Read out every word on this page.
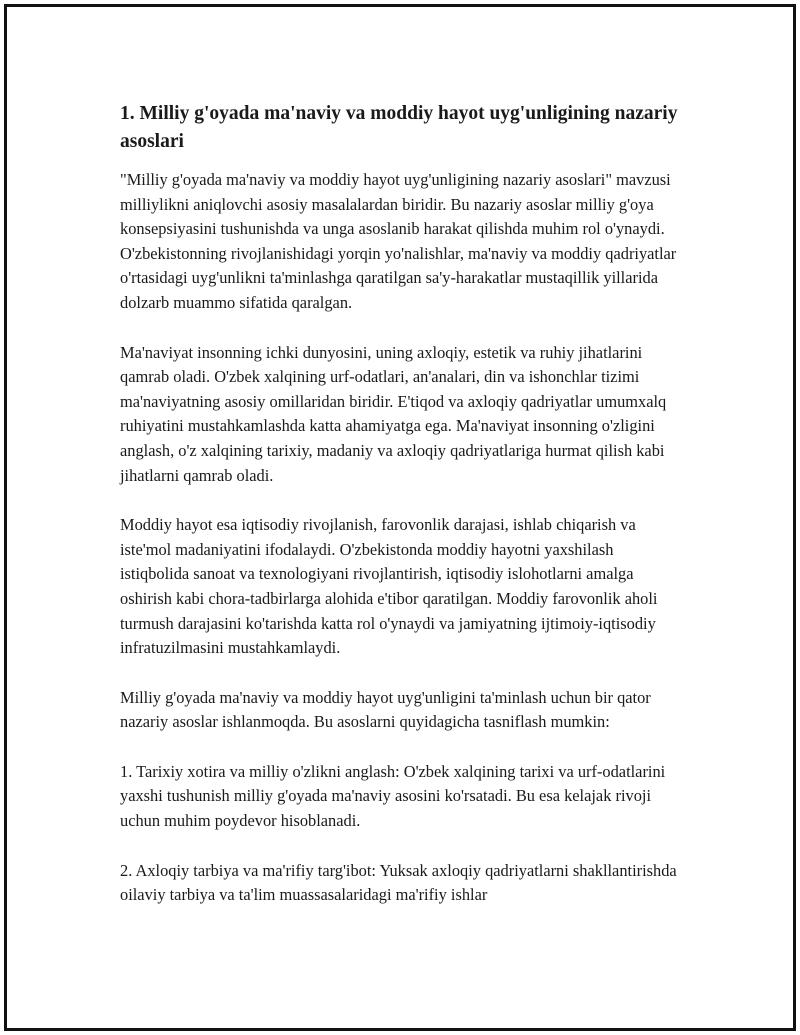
1. Milliy g'oyada ma'naviy va moddiy hayot uyg'unligining nazariy asoslari

"Milliy g'oyada ma'naviy va moddiy hayot uyg'unligining nazariy asoslari" mavzusi milliylikni aniqlovchi asosiy masalalardan biridir. Bu nazariy asoslar milliy g'oya konsepsiyasini tushunishda va unga asoslanib harakat qilishda muhim rol o'ynaydi. O'zbekistonning rivojlanishidagi yorqin yo'nalishlar, ma'naviy va moddiy qadriyatlar o'rtasidagi uyg'unlikni ta'minlashga qaratilgan sa'y-harakatlar mustaqillik yillarida dolzarb muammo sifatida qaralgan.

Ma'naviyat insonning ichki dunyosini, uning axloqiy, estetik va ruhiy jihatlarini qamrab oladi. O'zbek xalqining urf-odatlari, an'analari, din va ishonchlar tizimi ma'naviyatning asosiy omillaridan biridir. E'tiqod va axloqiy qadriyatlar umumxalq ruhiyatini mustahkamlashda katta ahamiyatga ega. Ma'naviyat insonning o'zligini anglash, o'z xalqining tarixiy, madaniy va axloqiy qadriyatlariga hurmat qilish kabi jihatlarni qamrab oladi.

Moddiy hayot esa iqtisodiy rivojlanish, farovonlik darajasi, ishlab chiqarish va iste'mol madaniyatini ifodalaydi. O'zbekistonda moddiy hayotni yaxshilash istiqbolida sanoat va texnologiyani rivojlantirish, iqtisodiy islohotlarni amalga oshirish kabi chora-tadbirlarga alohida e'tibor qaratilgan. Moddiy farovonlik aholi turmush darajasini ko'tarishda katta rol o'ynaydi va jamiyatning ijtimoiy-iqtisodiy infratuzilmasini mustahkamlaydi.

Milliy g'oyada ma'naviy va moddiy hayot uyg'unligini ta'minlash uchun bir qator nazariy asoslar ishlanmoqda. Bu asoslarni quyidagicha tasniflash mumkin:

1. Tarixiy xotira va milliy o'zlikni anglash: O'zbek xalqining tarixi va urf-odatlarini yaxshi tushunish milliy g'oyada ma'naviy asosini ko'rsatadi. Bu esa kelajak rivoji uchun muhim poydevor hisoblanadi.

2. Axloqiy tarbiya va ma'rifiy targ'ibot: Yuksak axloqiy qadriyatlarni shakllantirishda oilaviy tarbiya va ta'lim muassasalaridagi ma'rifiy ishlar
